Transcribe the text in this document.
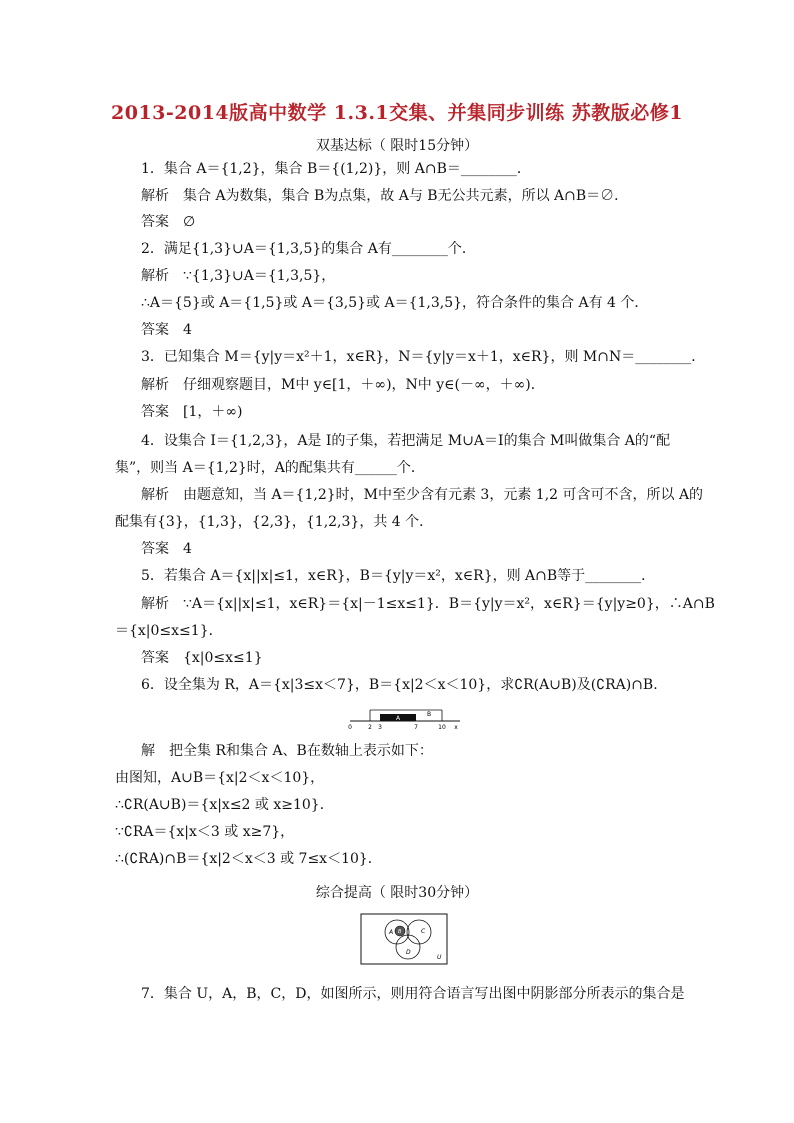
2013-2014版高中数学 1.3.1交集、并集同步训练 苏教版必修1
双基达标（ 限时15分钟）
1．集合 A＝{1,2}，集合 B＝{(1,2)}，则 A∩B＝________．
解析 集合 A为数集，集合 B为点集，故 A与 B无公共元素，所以 A∩B＝∅．
答案 ∅
2．满足{1,3}∪A＝{1,3,5}的集合 A有________个．
解析 ∵{1,3}∪A＝{1,3,5}，
∴A＝{5}或 A＝{1,5}或 A＝{3,5}或 A＝{1,3,5}，符合条件的集合 A有 4 个．
答案 4
3．已知集合 M＝{y|y＝x²＋1，x∈R}，N＝{y|y＝x＋1，x∈R}，则 M∩N＝________．
解析 仔细观察题目，M中 y∈[1，＋∞)，N中 y∈(－∞，＋∞)．
答案 [1，＋∞)
4．设集合 I＝{1,2,3}，A是 I的子集，若把满足 M∪A＝I的集合 M叫做集合 A的“配
集”，则当 A＝{1,2}时，A的配集共有______个．
解析 由题意知，当 A＝{1,2}时，M中至少含有元素 3，元素 1,2 可含可不含，所以 A的
配集有{3}，{1,3}，{2,3}，{1,2,3}，共 4 个．
答案 4
5．若集合 A＝{x||x|≤1，x∈R}，B＝{y|y＝x²，x∈R}，则 A∩B等于________．
解析 ∵A＝{x||x|≤1，x∈R}＝{x|－1≤x≤1}．B＝{y|y＝x²，x∈R}＝{y|y≥0}，∴A∩B
＝{x|0≤x≤1}．
答案 {x|0≤x≤1}
6．设全集为 R，A＝{x|3≤x＜7}，B＝{x|2＜x＜10}，求∁R(A∪B)及(∁RA)∩B.
A
B
0	2 3	7	10 x
解 把全集 R和集合 A、B在数轴上表示如下：
由图知，A∪B＝{x|2＜x＜10}，
∴∁R(A∪B)＝{x|x≤2 或 x≥10}．
∵∁RA＝{x|x＜3 或 x≥7}，
∴(∁RA)∩B＝{x|2＜x＜3 或 7≤x＜10}．
综合提高（ 限时30分钟）
A B	C
D
U
7．集合 U，A，B，C，D，如图所示，则用符合语言写出图中阴影部分所表示的集合是
